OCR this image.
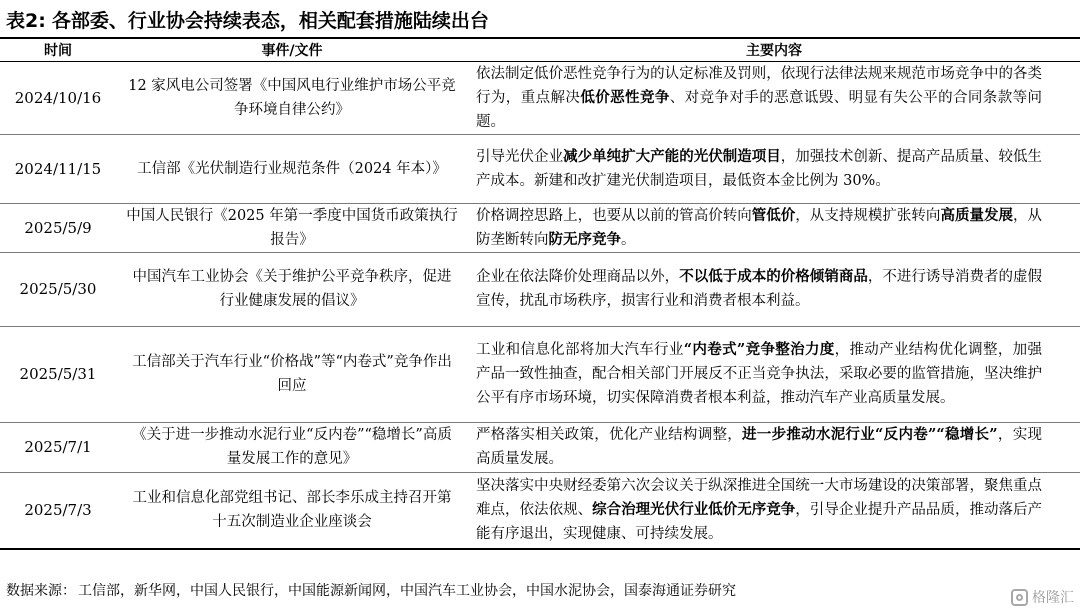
表2: 各部委、行业协会持续表态，相关配套措施陆续出台
时间	事件/文件	主要内容
2024/10/16	12 家风电公司签署《中国风电行业维护市场公平竞争环境自律公约》	依法制定低价恶性竞争行为的认定标准及罚则，依现行法律法规来规范市场竞争中的各类行为，重点解决低价恶性竞争、对竞争对手的恶意诋毁、明显有失公平的合同条款等问题。
2024/11/15	工信部《光伏制造行业规范条件（2024 年本）》	引导光伏企业减少单纯扩大产能的光伏制造项目，加强技术创新、提高产品质量、较低生产成本。新建和改扩建光伏制造项目，最低资本金比例为 30%。
2025/5/9	中国人民银行《2025 年第一季度中国货币政策执行报告》	价格调控思路上，也要从以前的管高价转向管低价，从支持规模扩张转向高质量发展，从防垄断转向防无序竞争。
2025/5/30	中国汽车工业协会《关于维护公平竞争秩序，促进行业健康发展的倡议》	企业在依法降价处理商品以外，不以低于成本的价格倾销商品，不进行诱导消费者的虚假宣传，扰乱市场秩序，损害行业和消费者根本利益。
2025/5/31	工信部关于汽车行业“价格战”等“内卷式”竞争作出回应	工业和信息化部将加大汽车行业“内卷式”竞争整治力度，推动产业结构优化调整，加强产品一致性抽查，配合相关部门开展反不正当竞争执法，采取必要的监管措施，坚决维护公平有序市场环境，切实保障消费者根本利益，推动汽车产业高质量发展。
2025/7/1	《关于进一步推动水泥行业“反内卷”“稳增长”高质量发展工作的意见》	严格落实相关政策，优化产业结构调整，进一步推动水泥行业“反内卷”“稳增长”，实现高质量发展。
2025/7/3	工业和信息化部党组书记、部长李乐成主持召开第十五次制造业企业座谈会	坚决落实中央财经委第六次会议关于纵深推进全国统一大市场建设的决策部署，聚焦重点难点，依法依规、综合治理光伏行业低价无序竞争，引导企业提升产品品质，推动落后产能有序退出，实现健康、可持续发展。
数据来源： 工信部，新华网，中国人民银行，中国能源新闻网，中国汽车工业协会，中国水泥协会，国泰海通证券研究	格隆汇
